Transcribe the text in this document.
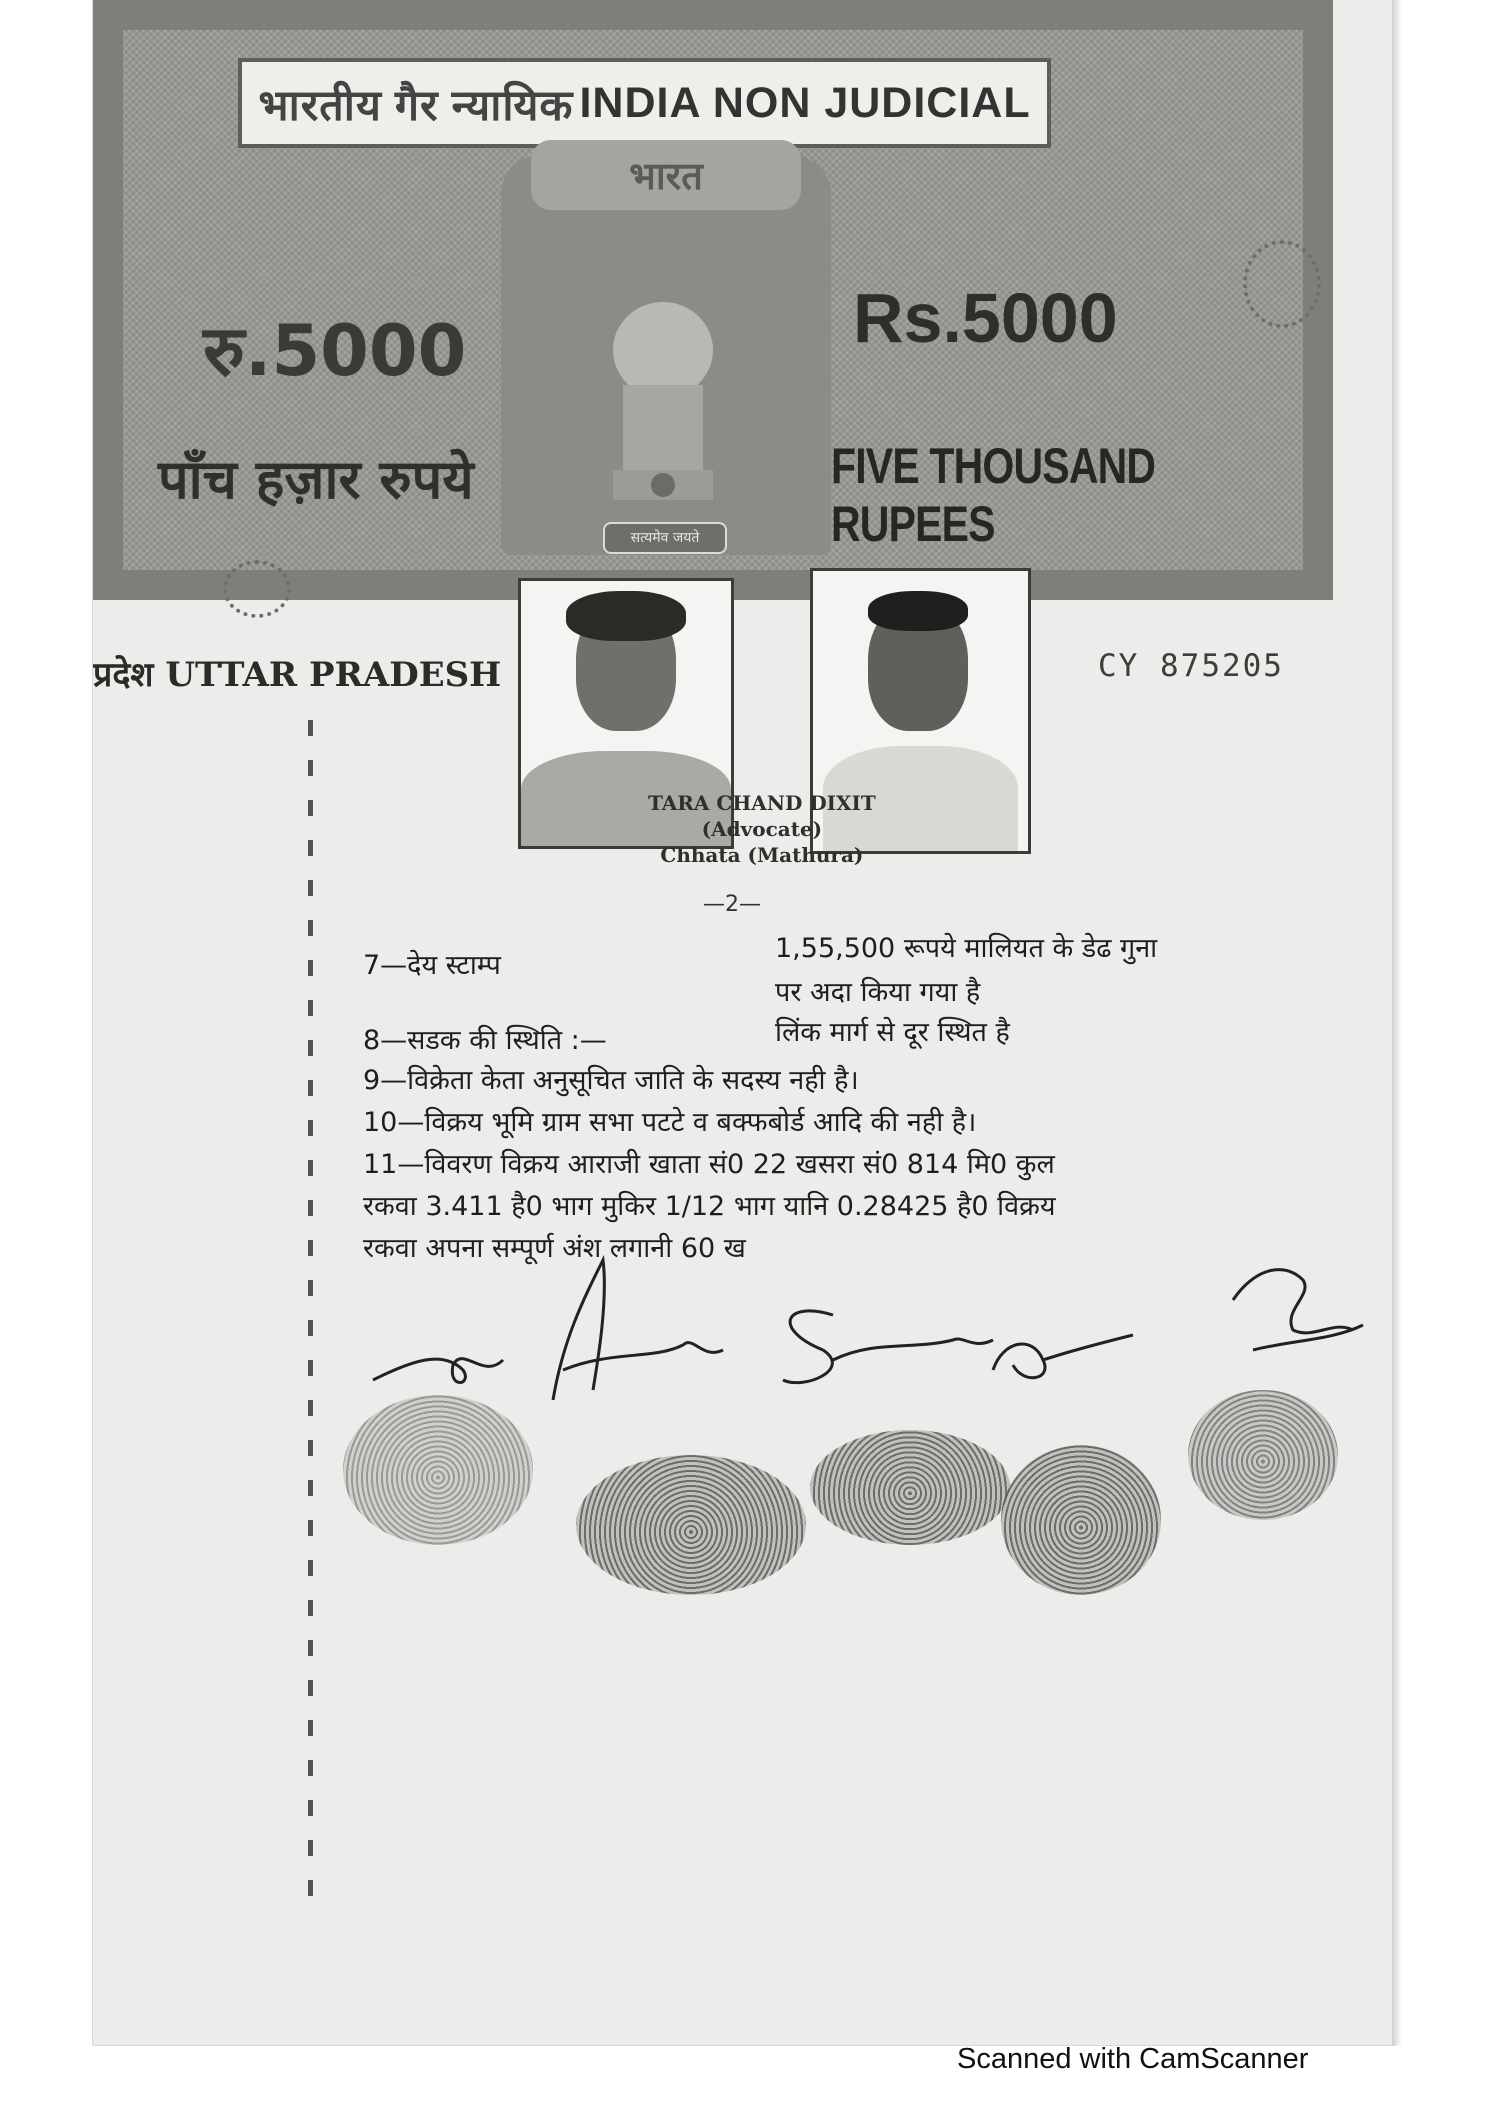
भारतीय गैर न्यायिक INDIA NON JUDICIAL
भारत
सत्यमेव जयते
रु.5000	Rs.5000
पाँच हज़ार रुपये	FIVE THOUSAND RUPEES
प्रदेश UTTAR PRADESH	CY 875205
TARA CHAND DIXIT
(Advocate)
Chhata (Mathura)
—2—
7—देय स्टाम्प
1,55,500 रूपये मालियत के डेढ गुना
पर अदा किया गया है
8—सडक की स्थिति :—	लिंक मार्ग से दूर स्थित है
9—विक्रेता केता अनुसूचित जाति के सदस्य नही है।
10—विक्रय भूमि ग्राम सभा पटटे व बक्फबोर्ड आदि की नही है।
11—विवरण विक्रय आराजी खाता सं0 22 खसरा सं0 814 मि0 कुल
रकवा 3.411 है0 भाग मुकिर 1/12 भाग यानि 0.28425 है0 विक्रय
रकवा अपना सम्पूर्ण अंश लगानी 60 ख
Scanned with CamScanner
